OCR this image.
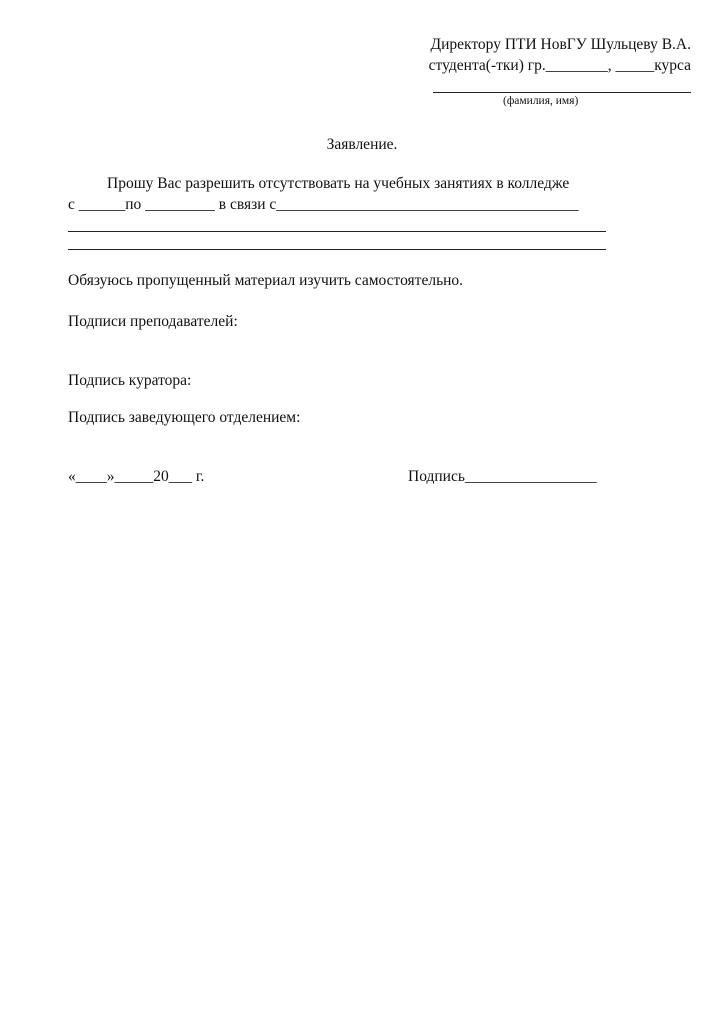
Директору ПТИ НовГУ Шульцеву В.А.
студента(-тки) гр.________, _____курса
(фамилия, имя)
Заявление.
Прошу Вас разрешить отсутствовать на учебных занятиях в колледже
с ______по _________ в связи с_______________________________________
Обязуюсь пропущенный материал изучить самостоятельно.
Подписи преподавателей:
Подпись куратора:
Подпись заведующего отделением:
«____»_____20___ г.	Подпись_________________
